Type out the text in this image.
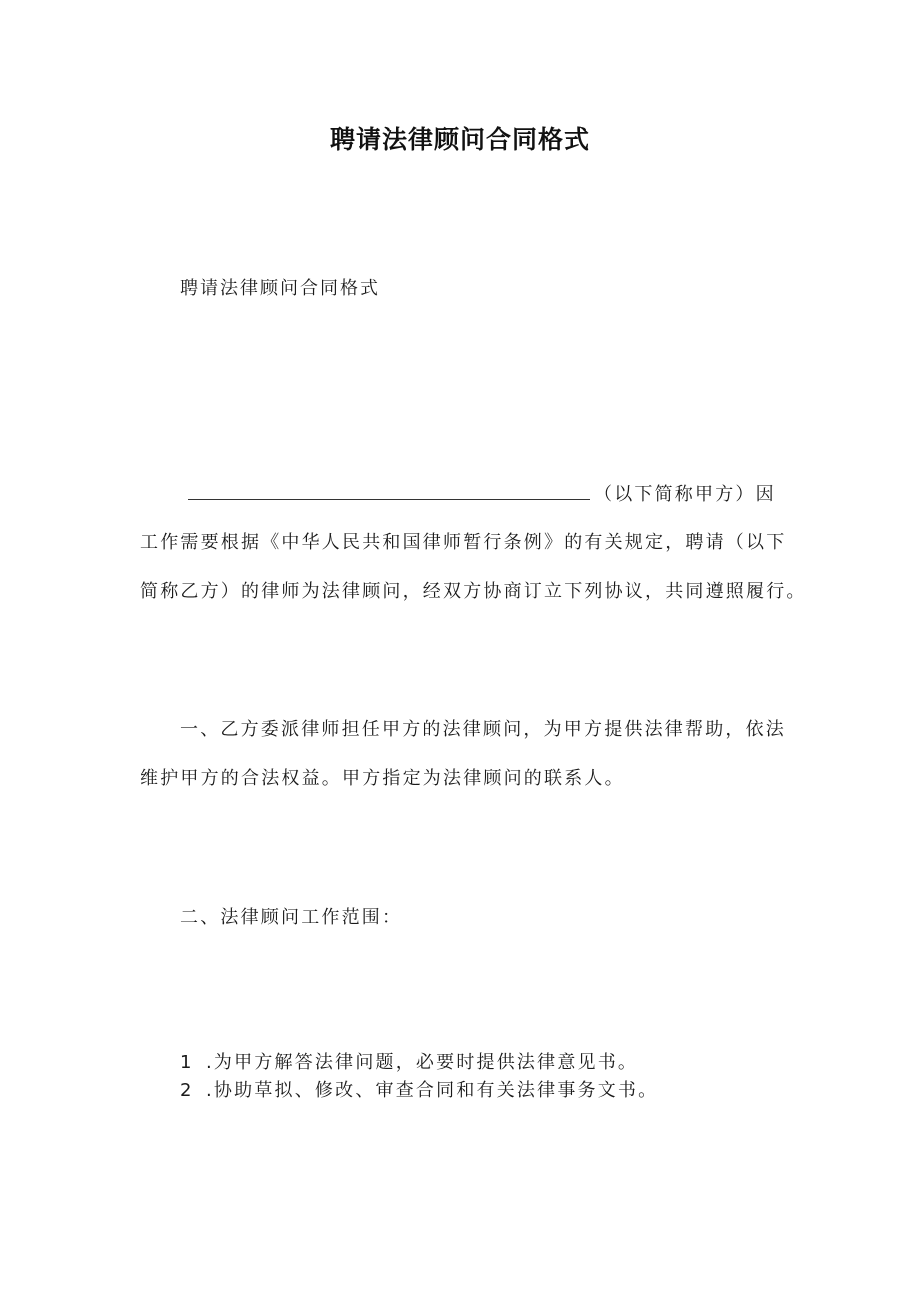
聘请法律顾问合同格式
聘请法律顾问合同格式
（以下简称甲方）因
工作需要根据《中华人民共和国律师暂行条例》的有关规定，聘请（以下
简称乙方）的律师为法律顾问，经双方协商订立下列协议，共同遵照履行。
一、乙方委派律师担任甲方的法律顾问，为甲方提供法律帮助，依法
维护甲方的合法权益。甲方指定为法律顾问的联系人。
二、法律顾问工作范围：
1 .为甲方解答法律问题，必要时提供法律意见书。
2 .协助草拟、修改、审查合同和有关法律事务文书。
